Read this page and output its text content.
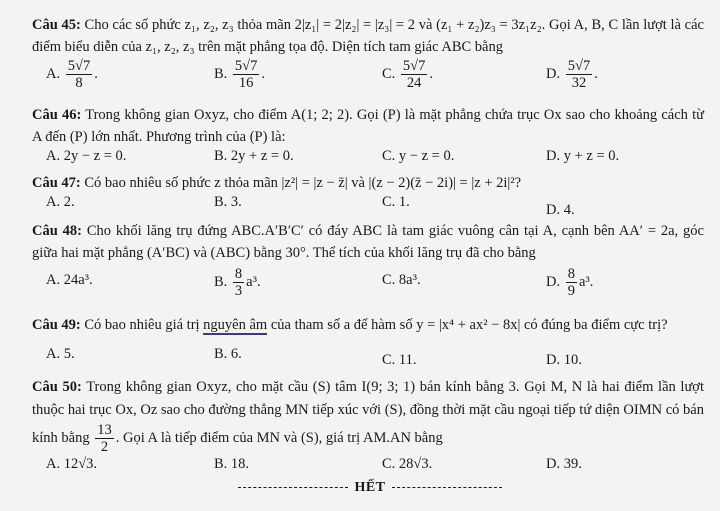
Câu 45: Cho các số phức z₁, z₂, z₃ thỏa mãn 2|z₁| = 2|z₂| = |z₃| = 2 và (z₁ + z₂)z₃ = 3z₁z₂. Gọi A, B, C lần lượt là các điểm biểu diễn của z₁, z₂, z₃ trên mặt phẳng tọa độ. Diện tích tam giác ABC bằng
A. $\frac{5√7}{8}$ .	B. $\frac{5√7}{16}$ .	C. $\frac{5√7}{24}$ .	D. $\frac{5√7}{32}$ .
Câu 46: Trong không gian Oxyz, cho điểm A(1; 2; 2). Gọi (P) là mặt phẳng chứa trục Ox sao cho khoảng cách từ A đến (P) lớn nhất. Phương trình của (P) là:
A. 2y − z = 0.	B. 2y + z = 0.	C. y − z = 0.	D. y + z = 0.
Câu 47: Có bao nhiêu số phức z thỏa mãn |z²| = |z − z̄| và |(z − 2)(z̄ − 2i)| = |z + 2i|²?
A. 2.	B. 3.	C. 1.	D. 4.
Câu 48: Cho khối lăng trụ đứng ABC.A′B′C′ có đáy ABC là tam giác vuông cân tại A, cạnh bên AA′ = 2a, góc giữa hai mặt phẳng (A′BC) và (ABC) bằng 30°. Thể tích của khối lăng trụ đã cho bằng
A. 24a³.	B. $\frac{8}{3} a^3$.	C. 8a³.	D. $\frac{8}{9} a^3$.
Câu 49: Có bao nhiêu giá trị nguyên âm của tham số a để hàm số y = |x⁴ + ax² − 8x| có đúng ba điểm cực trị?
A. 5.	B. 6.	C. 11.	D. 10.
Câu 50: Trong không gian Oxyz, cho mặt cầu (S) tâm I(9; 3; 1) bán kính bằng 3. Gọi M, N là hai điểm lần lượt thuộc hai trục Ox, Oz sao cho đường thẳng MN tiếp xúc với (S), đồng thời mặt cầu ngoại tiếp tứ diện OIMN có bán kính bằng $\frac{13}{2}$ . Gọi A là tiếp điểm của MN và (S), giá trị AM.AN bằng
A. 12√3.	B. 18.	C. 28√3.	D. 39.
HẾT
